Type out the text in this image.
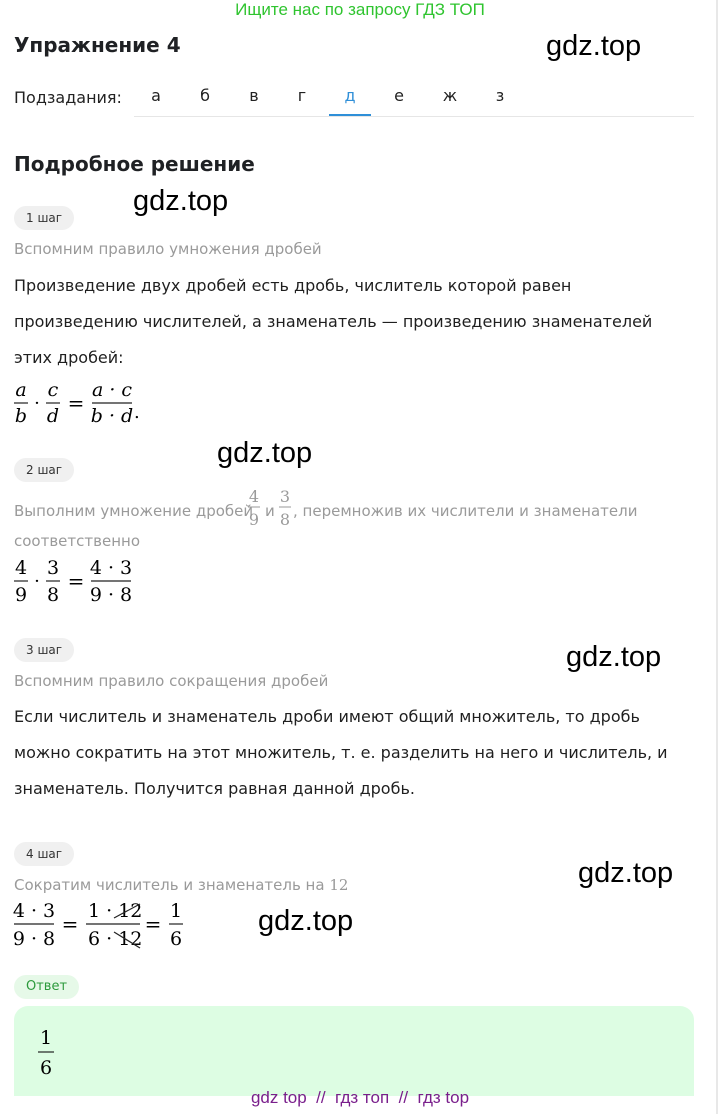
Ищите нас по запросу ГДЗ ТОП
Упражнение 4	gdz.top
Подзадания:	а	б	в	г	д	е	ж	з
Подробное решение
gdz.top
1 шаг
Вспомним правило умножения дробей
Произведение двух дробей есть дробь, числитель которой равен
произведению числителей, а знаменатель — произведению знаменателей
этих дробей:
a
b
·
c
d
=
a · c
b · d .
gdz.top
2 шаг
Выполним умножение дробей
4
9
3
8
и , перемножив их числители и знаменатели
соответственно
4
9
·
3
8
=
4 · 3
9 · 8
gdz.top
3 шаг
Вспомним правило сокращения дробей
Если числитель и знаменатель дроби имеют общий множитель, то дробь
можно сократить на этот множитель, т. е. разделить на него и числитель, и
знаменатель. Получится равная данной дробь.
4 шаг
gdz.top
Сократим числитель и знаменатель на 12
4 · 3
9 · 8
=
1 · 12
6 · 12
=
1
6
gdz.top
Ответ
1
6
gdz top  //  гдз топ  //  гдз top
